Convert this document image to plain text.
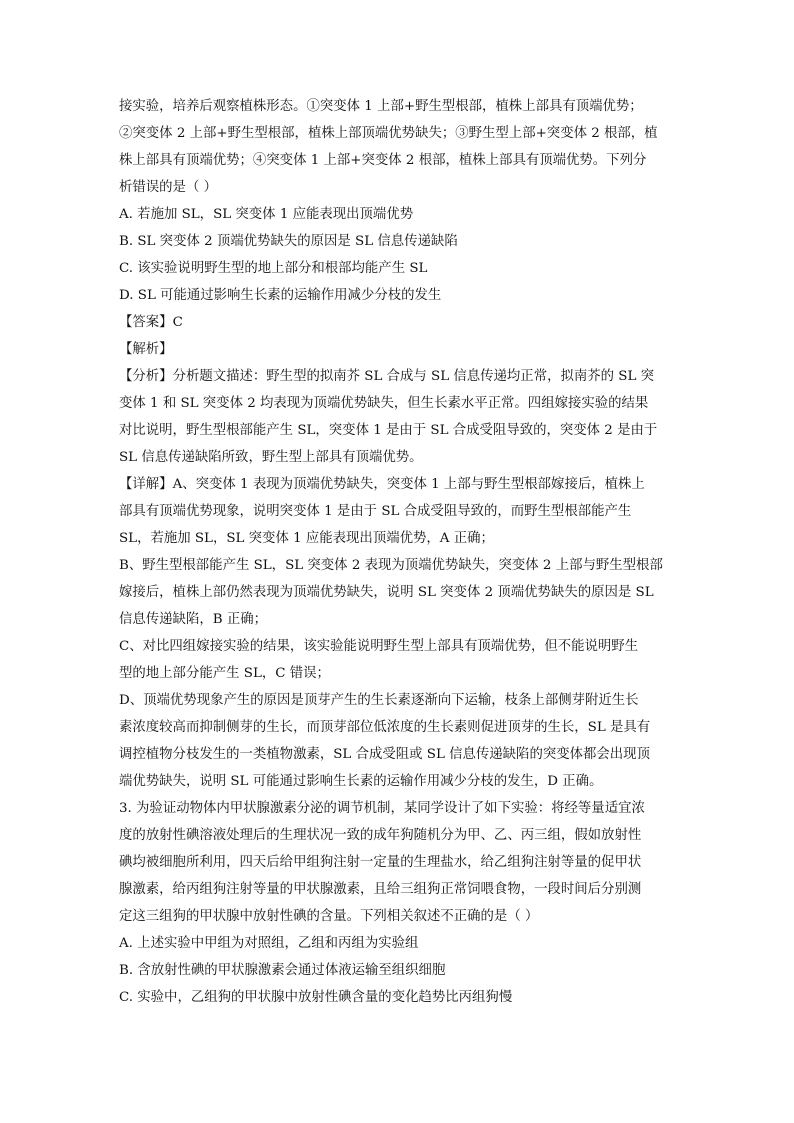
接实验，培养后观察植株形态。①突变体 1 上部+野生型根部，植株上部具有顶端优势；
②突变体 2 上部+野生型根部，植株上部顶端优势缺失；③野生型上部+突变体 2 根部，植
株上部具有顶端优势；④突变体 1 上部+突变体 2 根部，植株上部具有顶端优势。下列分
析错误的是（ ）
A. 若施加 SL，SL 突变体 1 应能表现出顶端优势
B. SL 突变体 2 顶端优势缺失的原因是 SL 信息传递缺陷
C. 该实验说明野生型的地上部分和根部均能产生 SL
D. SL 可能通过影响生长素的运输作用减少分枝的发生
【答案】C
【解析】
【分析】分析题文描述：野生型的拟南芥 SL 合成与 SL 信息传递均正常，拟南芥的 SL 突
变体 1 和 SL 突变体 2 均表现为顶端优势缺失，但生长素水平正常。四组嫁接实验的结果
对比说明，野生型根部能产生 SL，突变体 1 是由于 SL 合成受阻导致的，突变体 2 是由于
SL 信息传递缺陷所致，野生型上部具有顶端优势。
【详解】A、突变体 1 表现为顶端优势缺失，突变体 1 上部与野生型根部嫁接后，植株上
部具有顶端优势现象，说明突变体 1 是由于 SL 合成受阻导致的，而野生型根部能产生
SL，若施加 SL，SL 突变体 1 应能表现出顶端优势，A 正确；
B、野生型根部能产生 SL，SL 突变体 2 表现为顶端优势缺失，突变体 2 上部与野生型根部
嫁接后，植株上部仍然表现为顶端优势缺失，说明 SL 突变体 2 顶端优势缺失的原因是 SL
信息传递缺陷，B 正确；
C、对比四组嫁接实验的结果，该实验能说明野生型上部具有顶端优势，但不能说明野生
型的地上部分能产生 SL，C 错误；
D、顶端优势现象产生的原因是顶芽产生的生长素逐渐向下运输，枝条上部侧芽附近生长
素浓度较高而抑制侧芽的生长，而顶芽部位低浓度的生长素则促进顶芽的生长，SL 是具有
调控植物分枝发生的一类植物激素，SL 合成受阻或 SL 信息传递缺陷的突变体都会出现顶
端优势缺失，说明 SL 可能通过影响生长素的运输作用减少分枝的发生，D 正确。
3. 为验证动物体内甲状腺激素分泌的调节机制，某同学设计了如下实验：将经等量适宜浓
度的放射性碘溶液处理后的生理状况一致的成年狗随机分为甲、乙、丙三组，假如放射性
碘均被细胞所利用，四天后给甲组狗注射一定量的生理盐水，给乙组狗注射等量的促甲状
腺激素，给丙组狗注射等量的甲状腺激素，且给三组狗正常饲喂食物，一段时间后分别测
定这三组狗的甲状腺中放射性碘的含量。下列相关叙述不正确的是（ ）
A. 上述实验中甲组为对照组，乙组和丙组为实验组
B. 含放射性碘的甲状腺激素会通过体液运输至组织细胞
C. 实验中，乙组狗的甲状腺中放射性碘含量的变化趋势比丙组狗慢
